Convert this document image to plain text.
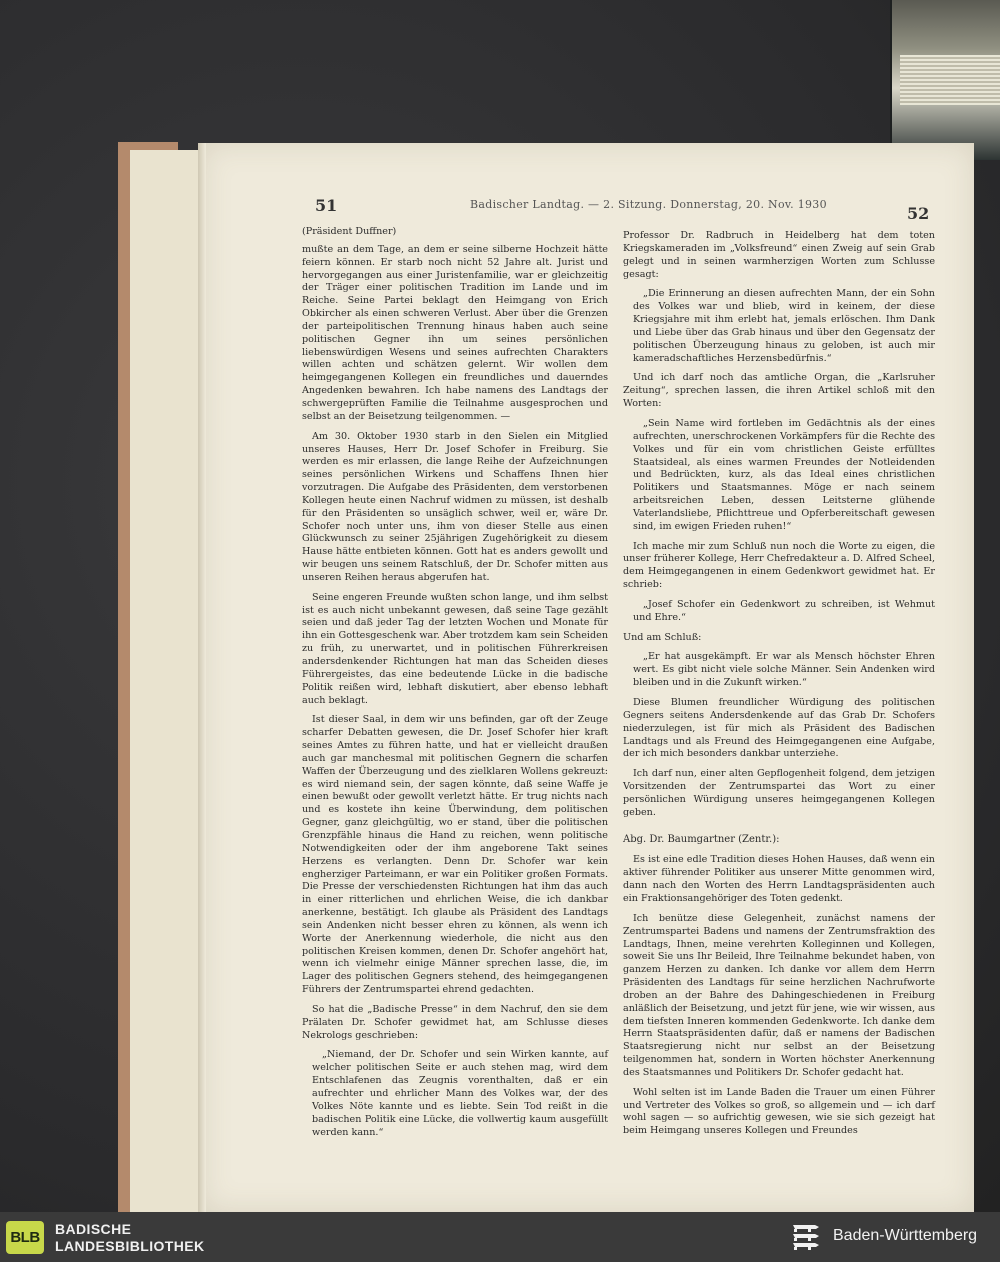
51	Badischer Landtag. — 2. Sitzung. Donnerstag, 20. Nov. 1930	52
(Präsident Duffner)

mußte an dem Tage, an dem er seine silberne Hochzeit hätte feiern können. Er starb noch nicht 52 Jahre alt. Jurist und hervorgegangen aus einer Juristenfamilie, war er gleichzeitig der Träger einer politischen Tradition im Lande und im Reiche. Seine Partei beklagt den Heimgang von Erich Obkircher als einen schweren Verlust. Aber über die Grenzen der parteipolitischen Trennung hinaus haben auch seine politischen Gegner ihn um seines persönlichen liebenswürdigen Wesens und seines aufrechten Charakters willen achten und schätzen gelernt. Wir wollen dem heimgegangenen Kollegen ein freundliches und dauerndes Angedenken bewahren. Ich habe namens des Landtags der schwergeprüften Familie die Teilnahme ausgesprochen und selbst an der Beisetzung teilgenommen. —

Am 30. Oktober 1930 starb in den Sielen ein Mitglied unseres Hauses, Herr Dr. Josef Schofer in Freiburg. Sie werden es mir erlassen, die lange Reihe der Aufzeichnungen seines persönlichen Wirkens und Schaffens Ihnen hier vorzutragen. Die Aufgabe des Präsidenten, dem verstorbenen Kollegen heute einen Nachruf widmen zu müssen, ist deshalb für den Präsidenten so unsäglich schwer, weil er, wäre Dr. Schofer noch unter uns, ihm von dieser Stelle aus einen Glückwunsch zu seiner 25jährigen Zugehörigkeit zu diesem Hause hätte entbieten können. Gott hat es anders gewollt und wir beugen uns seinem Ratschluß, der Dr. Schofer mitten aus unseren Reihen heraus abgerufen hat.

Seine engeren Freunde wußten schon lange, und ihm selbst ist es auch nicht unbekannt gewesen, daß seine Tage gezählt seien und daß jeder Tag der letzten Wochen und Monate für ihn ein Gottesgeschenk war. Aber trotzdem kam sein Scheiden zu früh, zu unerwartet, und in politischen Führerkreisen andersdenkender Richtungen hat man das Scheiden dieses Führergeistes, das eine bedeutende Lücke in die badische Politik reißen wird, lebhaft diskutiert, aber ebenso lebhaft auch beklagt.

Ist dieser Saal, in dem wir uns befinden, gar oft der Zeuge scharfer Debatten gewesen, die Dr. Josef Schofer hier kraft seines Amtes zu führen hatte, und hat er vielleicht draußen auch gar manchesmal mit politischen Gegnern die scharfen Waffen der Überzeugung und des zielklaren Wollens gekreuzt: es wird niemand sein, der sagen könnte, daß seine Waffe je einen bewußt oder gewollt verletzt hätte. Er trug nichts nach und es kostete ihn keine Überwindung, dem politischen Gegner, ganz gleichgültig, wo er stand, über die politischen Grenzpfähle hinaus die Hand zu reichen, wenn politische Notwendigkeiten oder der ihm angeborene Takt seines Herzens es verlangten. Denn Dr. Schofer war kein engherziger Parteimann, er war ein Politiker großen Formats. Die Presse der verschiedensten Richtungen hat ihm das auch in einer ritterlichen und ehrlichen Weise, die ich dankbar anerkenne, bestätigt. Ich glaube als Präsident des Landtags sein Andenken nicht besser ehren zu können, als wenn ich Worte der Anerkennung wiederhole, die nicht aus den politischen Kreisen kommen, denen Dr. Schofer angehört hat, wenn ich vielmehr einige Männer sprechen lasse, die, im Lager des politischen Gegners stehend, des heimgegangenen Führers der Zentrumspartei ehrend gedachten.

So hat die „Badische Presse“ in dem Nachruf, den sie dem Prälaten Dr. Schofer gewidmet hat, am Schlusse dieses Nekrologs geschrieben:

„Niemand, der Dr. Schofer und sein Wirken kannte, auf welcher politischen Seite er auch stehen mag, wird dem Entschlafenen das Zeugnis vorenthalten, daß er ein aufrechter und ehrlicher Mann des Volkes war, der des Volkes Nöte kannte und es liebte. Sein Tod reißt in die badischen Politik eine Lücke, die vollwertig kaum ausgefüllt werden kann.“

Professor Dr. Radbruch in Heidelberg hat dem toten Kriegskameraden im „Volksfreund“ einen Zweig auf sein Grab gelegt und in seinen warmherzigen Worten zum Schlusse gesagt:

„Die Erinnerung an diesen aufrechten Mann, der ein Sohn des Volkes war und blieb, wird in keinem, der diese Kriegsjahre mit ihm erlebt hat, jemals erlöschen. Ihm Dank und Liebe über das Grab hinaus und über den Gegensatz der politischen Überzeugung hinaus zu geloben, ist auch mir kameradschaftliches Herzensbedürfnis.“

Und ich darf noch das amtliche Organ, die „Karlsruher Zeitung“, sprechen lassen, die ihren Artikel schloß mit den Worten:

„Sein Name wird fortleben im Gedächtnis als der eines aufrechten, unerschrockenen Vorkämpfers für die Rechte des Volkes und für ein vom christlichen Geiste erfülltes Staatsideal, als eines warmen Freundes der Notleidenden und Bedrückten, kurz, als das Ideal eines christlichen Politikers und Staatsmannes. Möge er nach seinem arbeitsreichen Leben, dessen Leitsterne glühende Vaterlandsliebe, Pflichttreue und Opferbereitschaft gewesen sind, im ewigen Frieden ruhen!“

Ich mache mir zum Schluß nun noch die Worte zu eigen, die unser früherer Kollege, Herr Chefredakteur a. D. Alfred Scheel, dem Heimgegangenen in einem Gedenkwort gewidmet hat. Er schrieb:

„Josef Schofer ein Gedenkwort zu schreiben, ist Wehmut und Ehre.“

Und am Schluß:

„Er hat ausgekämpft. Er war als Mensch höchster Ehren wert. Es gibt nicht viele solche Männer. Sein Andenken wird bleiben und in die Zukunft wirken.“

Diese Blumen freundlicher Würdigung des politischen Gegners seitens Andersdenkende auf das Grab Dr. Schofers niederzulegen, ist für mich als Präsident des Badischen Landtags und als Freund des Heimgegangenen eine Aufgabe, der ich mich besonders dankbar unterziehe.

Ich darf nun, einer alten Gepflogenheit folgend, dem jetzigen Vorsitzenden der Zentrumspartei das Wort zu einer persönlichen Würdigung unseres heimgegangenen Kollegen geben.

Abg. Dr. Baumgartner (Zentr.):

Es ist eine edle Tradition dieses Hohen Hauses, daß wenn ein aktiver führender Politiker aus unserer Mitte genommen wird, dann nach den Worten des Herrn Landtagspräsidenten auch ein Fraktionsangehöriger des Toten gedenkt.

Ich benütze diese Gelegenheit, zunächst namens der Zentrumspartei Badens und namens der Zentrumsfraktion des Landtags, Ihnen, meine verehrten Kolleginnen und Kollegen, soweit Sie uns Ihr Beileid, Ihre Teilnahme bekundet haben, von ganzem Herzen zu danken. Ich danke vor allem dem Herrn Präsidenten des Landtags für seine herzlichen Nachrufworte droben an der Bahre des Dahingeschiedenen in Freiburg anläßlich der Beisetzung, und jetzt für jene, wie wir wissen, aus dem tiefsten Inneren kommenden Gedenkworte. Ich danke dem Herrn Staatspräsidenten dafür, daß er namens der Badischen Staatsregierung nicht nur selbst an der Beisetzung teilgenommen hat, sondern in Worten höchster Anerkennung des Staatsmannes und Politikers Dr. Schofer gedacht hat.

Wohl selten ist im Lande Baden die Trauer um einen Führer und Vertreter des Volkes so groß, so allgemein und — ich darf wohl sagen — so aufrichtig gewesen, wie sie sich gezeigt hat beim Heimgang unseres Kollegen und Freundes

BLB	BADISCHE
LANDESBIBLIOTHEK
Baden-Württemberg
